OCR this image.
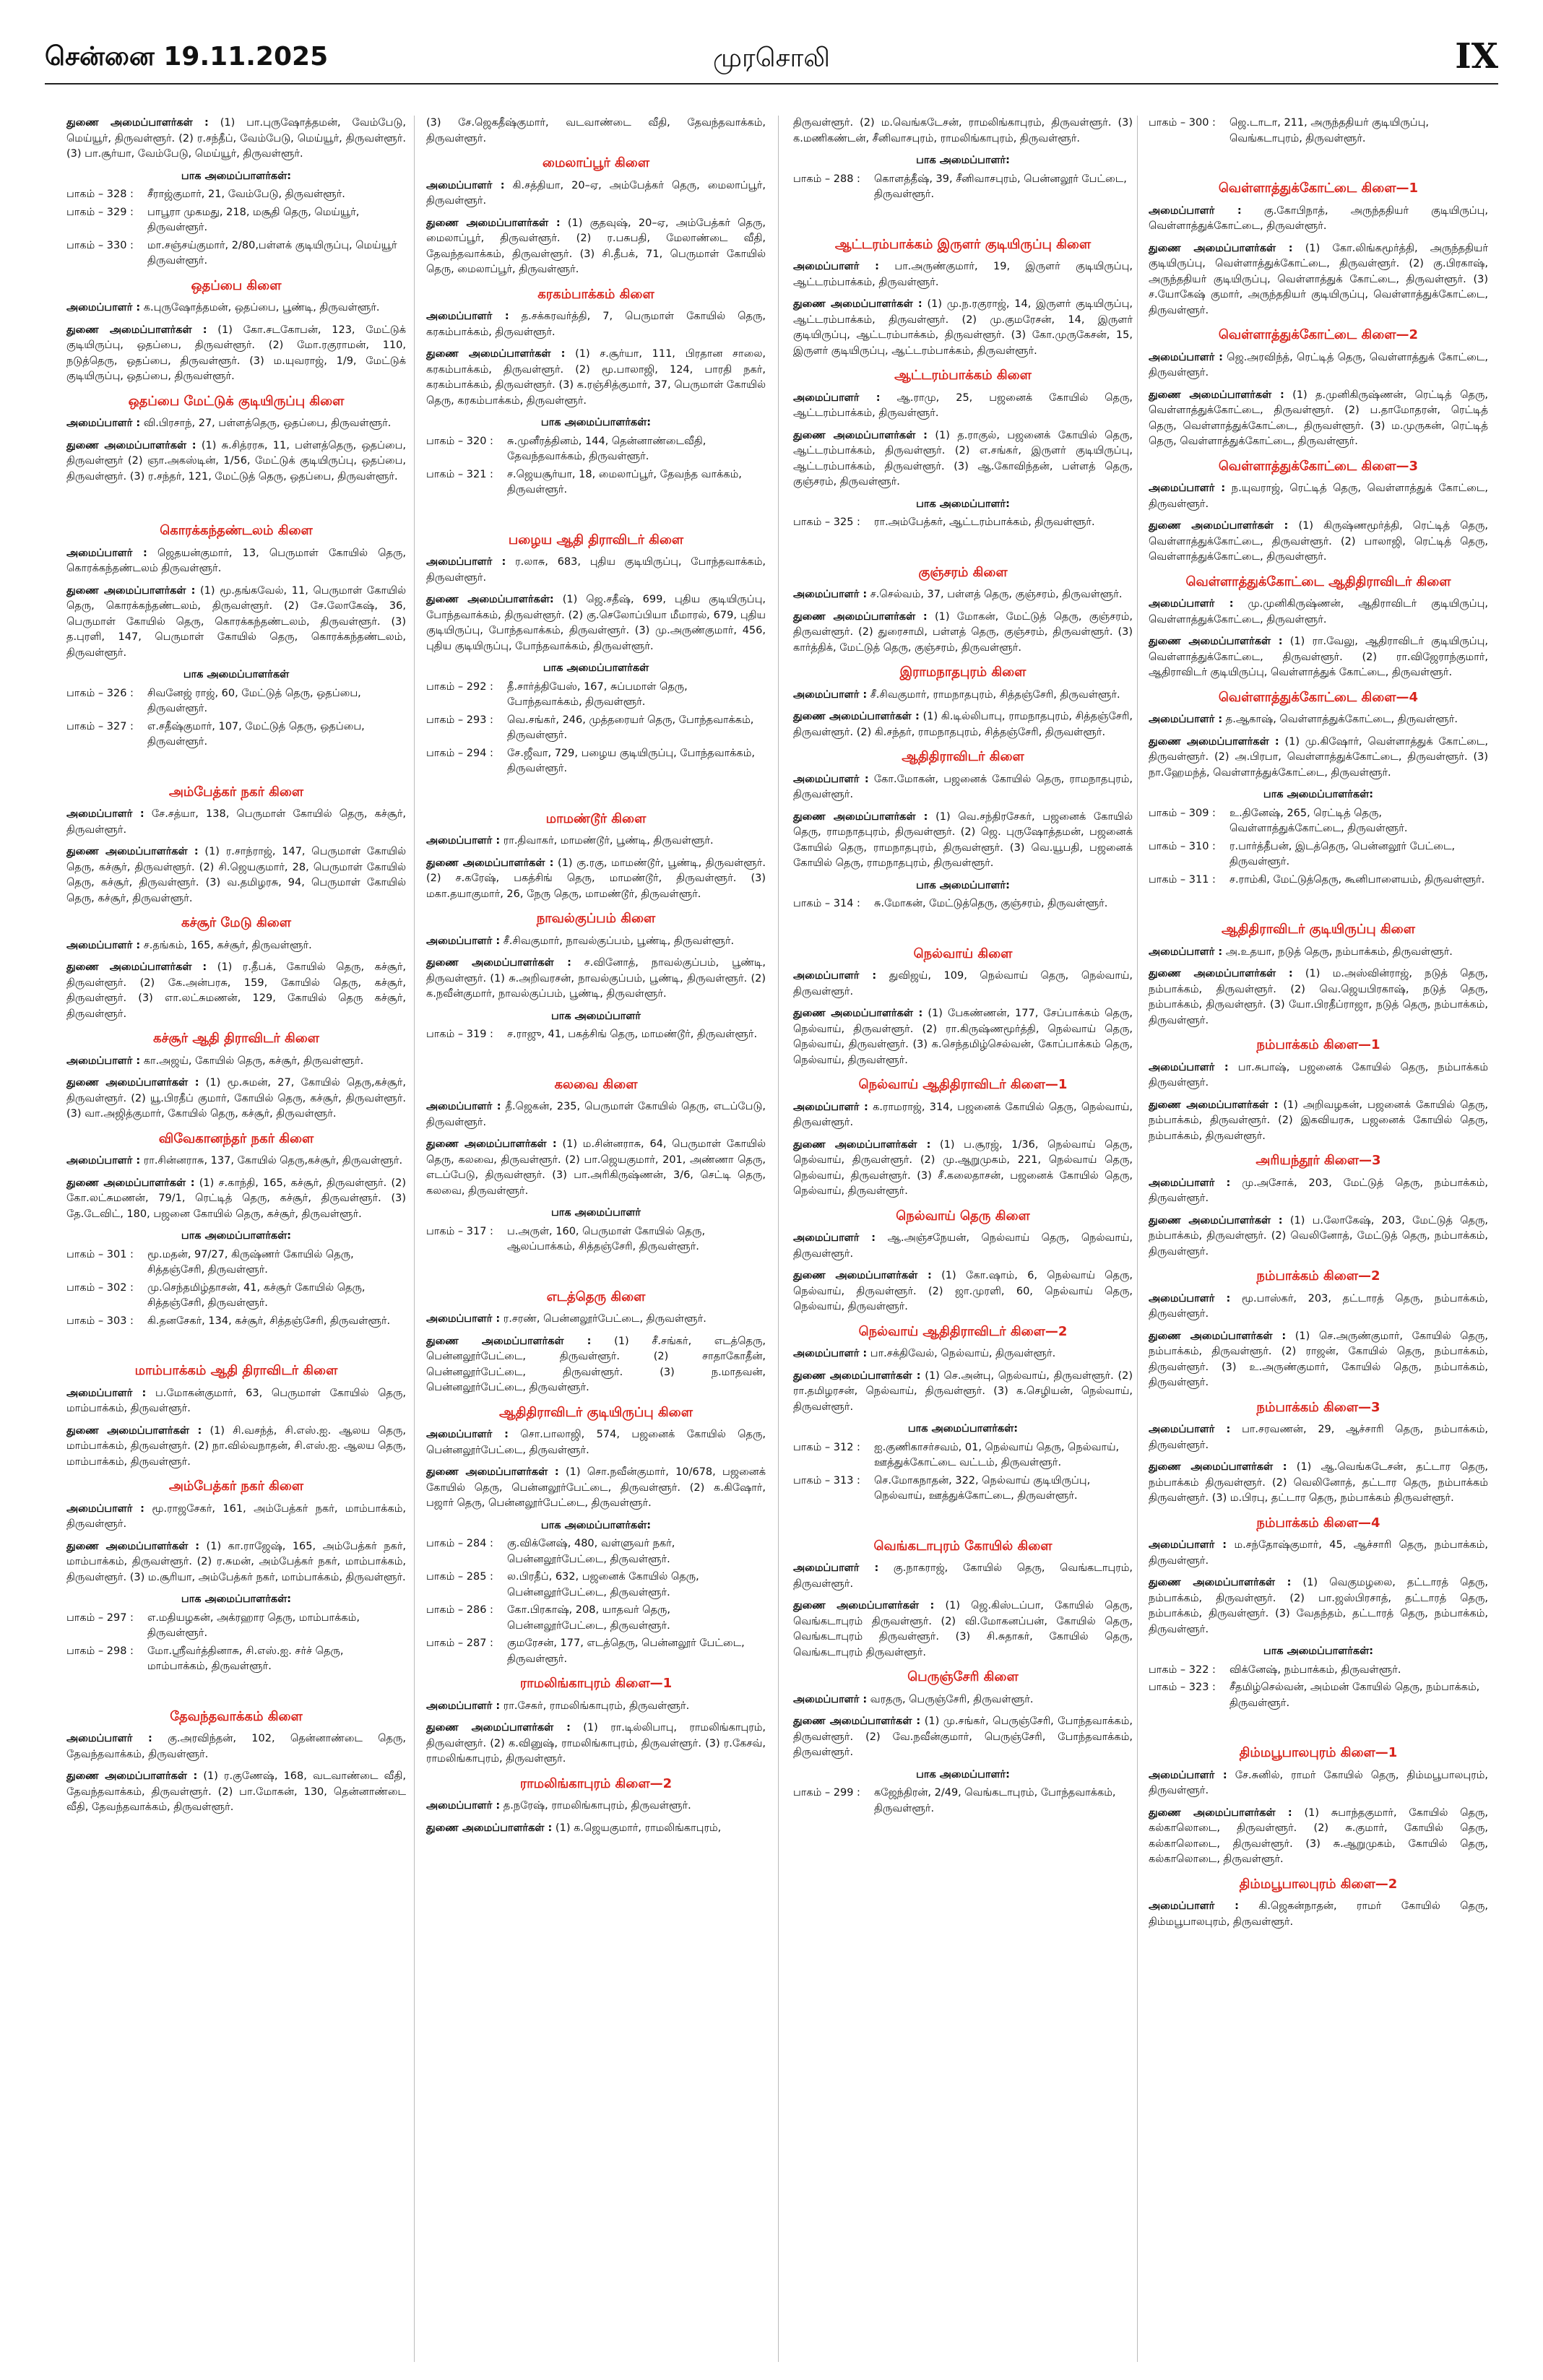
சென்னை 19.11.2025	முரசொலி	IX

துணை அமைப்பாளர்கள் : (1) பா.புருஷோத்தமன், வேம்பேடு, மெய்யூர், திருவள்ளூர். (2) ர.சந்தீப், வேம்பேடு, மெய்யூர், திருவள்ளூர். (3) பா.சூர்யா, வேம்பேடு, மெய்யூர், திருவள்ளூர்.

பாக அமைப்பாளர்கள்:
பாகம் – 328 :	சீராஜ்குமார், 21, வேம்பேடு, திருவள்ளூர்.
பாகம் – 329 :	பாபூரா முகமது, 218, மசூதி தெரு, மெய்யூர், திருவள்ளூர்.
பாகம் – 330 :	மா.சஞ்சய்குமார், 2/80,பள்ளக் குடியிருப்பு, மெய்யூர் திருவள்ளூர்.
ஒதப்பை கிளை

அமைப்பாளர் : க.புருஷோத்தமன், ஒதப்பை, பூண்டி, திருவள்ளூர்.

துணை அமைப்பாளர்கள் : (1) கோ.சடகோபன், 123, மேட்டுக் குடியிருப்பு, ஒதப்பை, திருவள்ளூர். (2) மோ.ரகுராமன், 110, நடுத்தெரு, ஒதப்பை, திருவள்ளூர். (3) ம.யுவராஜ், 1/9, மேட்டுக் குடியிருப்பு, ஒதப்பை, திருவள்ளூர்.

ஒதப்பை மேட்டுக் குடியிருப்பு கிளை

அமைப்பாளர் : வி.பிரசாந், 27, பள்ளத்தெரு, ஒதப்பை, திருவள்ளூர்.

துணை அமைப்பாளர்கள் : (1) சு.சித்ரரசு, 11, பள்ளத்தெரு, ஒதப்பை, திருவள்ளூர் (2) ஞா.அகஸ்டின், 1/56, மேட்டுக் குடியிருப்பு, ஒதப்பை, திருவள்ளூர். (3) ர.சந்தர், 121, மேட்டுத் தெரு, ஒதப்பை, திருவள்ளூர்.

கொரக்கந்தண்டலம் கிளை

அமைப்பாளர் : ஜெதயன்குமார், 13, பெருமாள் கோயில் தெரு, கொரக்கந்தண்டலம் திருவள்ளூர்.

துணை அமைப்பாளர்கள் : (1) மூ.தங்கவேல், 11, பெருமாள் கோயில் தெரு, கொரக்கந்தண்டலம், திருவள்ளூர். (2) சே.லோகேஷ், 36, பெருமாள் கோயில் தெரு, கொரக்கந்தண்டலம், திருவள்ளூர். (3) த.புரளி, 147, பெருமாள் கோயில் தெரு, கொரக்கந்தண்டலம், திருவள்ளூர்.

பாக அமைப்பாளர்கள்
பாகம் – 326 :	சிவனேஜ் ராஜ், 60, மேட்டுத் தெரு, ஒதப்பை, திருவள்ளூர்.
பாகம் – 327 :	எ.சதீஷ்குமார், 107, மேட்டுத் தெரு, ஒதப்பை, திருவள்ளூர்.
அம்பேத்கர் நகர் கிளை

அமைப்பாளர் : சே.சத்யா, 138, பெருமாள் கோயில் தெரு, கச்சூர், திருவள்ளூர்.

துணை அமைப்பாளர்கள் : (1) ர.சாந்ராஜ், 147, பெருமாள் கோயில் தெரு, கச்சூர், திருவள்ளூர். (2) சி.ஜெயகுமார், 28, பெருமாள் கோயில் தெரு, கச்சூர், திருவள்ளூர். (3) வ.தமிழரசு, 94, பெருமாள் கோயில் தெரு, கச்சூர், திருவள்ளூர்.

கச்சூர் மேடு கிளை

அமைப்பாளர் : ச.தங்கம், 165, கச்சூர், திருவள்ளூர்.

துணை அமைப்பாளர்கள் : (1) ர.தீபக், கோயில் தெரு, கச்சூர், திருவள்ளூர். (2) கே.அன்பரசு, 159, கோயில் தெரு, கச்சூர், திருவள்ளூர். (3) எா.லட்சுமணன், 129, கோயில் தெரு கச்சூர், திருவள்ளூர்.

கச்சூர் ஆதி திராவிடர் கிளை

அமைப்பாளர் : கா.அஜய், கோயில் தெரு, கச்சூர், திருவள்ளூர்.

துணை அமைப்பாளர்கள் : (1) மூ.சுமன், 27, கோயில் தெரு,கச்சூர், திருவள்ளூர். (2) யூ.பிரதீப் குமார், கோயில் தெரு, கச்சூர், திருவள்ளூர். (3) வா.அஜித்குமார், கோயில் தெரு, கச்சூர், திருவள்ளூர்.

விவேகானந்தர் நகர் கிளை

அமைப்பாளர் : ரா.சின்னராசு, 137, கோயில் தெரு,கச்சூர், திருவள்ளூர்.

துணை அமைப்பாளர்கள் : (1) ச.காந்தி, 165, கச்சூர், திருவள்ளூர். (2) கோ.லட்சுமணன், 79/1, ரெட்டித் தெரு, கச்சூர், திருவள்ளூர். (3) தே.டேவிட், 180, பஜனை கோயில் தெரு, கச்சூர், திருவள்ளூர்.

பாக அமைப்பாளர்கள்:
பாகம் – 301 :	மூ.மதன், 97/27, கிருஷ்ணர் கோயில் தெரு, சித்தஞ்சேரி, திருவள்ளூர்.
பாகம் – 302 :	மு.செந்தமிழ்தாசன், 41, கச்சூர் கோயில் தெரு, சித்தஞ்சேரி, திருவள்ளூர்.
பாகம் – 303 :	கி.தனசேகர், 134, கச்சூர், சித்தஞ்சேரி, திருவள்ளூர்.
மாம்பாக்கம் ஆதி திராவிடர் கிளை

அமைப்பாளர் : ப.மோகன்குமார், 63, பெருமாள் கோயில் தெரு, மாம்பாக்கம், திருவள்ளூர்.

துணை அமைப்பாளர்கள் : (1) சி.வசந்த், சி.எஸ்.ஐ. ஆலய தெரு, மாம்பாக்கம், திருவள்ளூர். (2) நா.வில்வநாதன், சி.எஸ்.ஐ. ஆலய தெரு, மாம்பாக்கம், திருவள்ளூர்.

அம்பேத்கர் நகர் கிளை

அமைப்பாளர் : மூ.ராஜசேகர், 161, அம்பேத்கர் நகர், மாம்பாக்கம், திருவள்ளூர்.

துணை அமைப்பாளர்கள் : (1) கா.ராஜேஷ், 165, அம்பேத்கர் நகர், மாம்பாக்கம், திருவள்ளூர். (2) ர.சுமன், அம்பேத்கர் நகர், மாம்பாக்கம், திருவள்ளூர். (3) ம.சூரியா, அம்பேத்கர் நகர், மாம்பாக்கம், திருவள்ளூர்.

பாக அமைப்பாளர்கள்:
பாகம் – 297 :	எ.மதியழகன், அக்ரஹார தெரு, மாம்பாக்கம், திருவள்ளூர்.
பாகம் – 298 :	மோ.ஸ்ரீவர்த்தினாசு, சி.எஸ்.ஐ. சர்ச் தெரு, மாம்பாக்கம், திருவள்ளூர்.
தேவந்தவாக்கம் கிளை

அமைப்பாளர் : கு.அரவிந்தன், 102, தென்னாண்டை தெரு, தேவந்தவாக்கம், திருவள்ளூர்.

துணை அமைப்பாளர்கள் : (1) ர.குணேஷ், 168, வடவாண்டை வீதி, தேவந்தவாக்கம், திருவள்ளூர். (2) பா.மோகன், 130, தென்னாண்டை வீதி, தேவந்தவாக்கம், திருவள்ளூர்.

(3) சே.ஜெகதீஷ்குமார், வடவாண்டை வீதி, தேவந்தவாக்கம், திருவள்ளூர்.

மைலாப்பூர் கிளை

அமைப்பாளர் : கி.சத்தியா, 20–ஏ, அம்பேத்கர் தெரு, மைலாப்பூர், திருவள்ளூர்.

துணை அமைப்பாளர்கள் : (1) குதவுஷ், 20–ஏ, அம்பேத்கர் தெரு, மைலாப்பூர், திருவள்ளூர். (2) ர.பசுபதி, மேலாண்டை வீதி, தேவந்தவாக்கம், திருவள்ளூர். (3) சி.தீபக், 71, பெருமாள் கோயில் தெரு, மைலாப்பூர், திருவள்ளூர்.

கரகம்பாக்கம் கிளை

அமைப்பாளர் : த.சக்கரவர்த்தி, 7, பெருமாள் கோயில் தெரு, கரகம்பாக்கம், திருவள்ளூர்.

துணை அமைப்பாளர்கள் : (1) ச.சூர்யா, 111, பிரதான சாலை, கரகம்பாக்கம், திருவள்ளூர். (2) மூ.பாலாஜி, 124, பாரதி நகர், கரகம்பாக்கம், திருவள்ளூர். (3) க.ரஞ்சித்குமார், 37, பெருமாள் கோயில் தெரு, கரகம்பாக்கம், திருவள்ளூர்.

பாக அமைப்பாளர்கள்:
பாகம் – 320 :	சு.முனீரத்தினம், 144, தென்னாண்டைவீதி, தேவந்தவாக்கம், திருவள்ளூர்.
பாகம் – 321 :	ச.ஜெயசூர்யா, 18, மைலாப்பூர், தேவந்த வாக்கம், திருவள்ளூர்.
பழைய ஆதி திராவிடர் கிளை

அமைப்பாளர் : ர.லாசு, 683, புதிய குடியிருப்பு, போந்தவாக்கம், திருவள்ளூர்.

துணை அமைப்பாளர்கள்: (1) ஜெ.சதீஷ், 699, புதிய குடியிருப்பு, போந்தவாக்கம், திருவள்ளூர். (2) கு.செலோப்பியா மீமாரல், 679, புதிய குடியிருப்பு, போந்தவாக்கம், திருவள்ளூர். (3) மு.அருண்குமார், 456, புதிய குடியிருப்பு, போந்தவாக்கம், திருவள்ளூர்.

பாக அமைப்பாளர்கள்
பாகம் – 292 :	தீ.சார்த்தியேஸ், 167, சுப்பமாள் தெரு, போந்தவாக்கம், திருவள்ளூர்.
பாகம் – 293 :	வெ.சங்கர், 246, முத்தரையர் தெரு, போந்தவாக்கம், திருவள்ளூர்.
பாகம் – 294 :	சே.ஜீவா, 729, பழைய குடியிருப்பு, போந்தவாக்கம், திருவள்ளூர்.
மாமண்டூர் கிளை

அமைப்பாளர் : ரா.திவாகர், மாமண்டூர், பூண்டி, திருவள்ளூர்.

துணை அமைப்பாளர்கள் : (1) கு.ரகு, மாமண்டூர், பூண்டி, திருவள்ளூர். (2) ச.கரேஷ், பகத்சிங் தெரு, மாமண்டூர், திருவள்ளூர். (3) மகா.தயாகுமார், 26, நேரு தெரு, மாமண்டூர், திருவள்ளூர்.

நாவல்குப்பம் கிளை

அமைப்பாளர் : சீ.சிவகுமார், நாவல்குப்பம், பூண்டி, திருவள்ளூர்.

துணை அமைப்பாளர்கள் : ச.வினோத், நாவல்குப்பம், பூண்டி, திருவள்ளூர். (1) சு.அறிவரசன், நாவல்குப்பம், பூண்டி, திருவள்ளூர். (2) க.நவீன்குமார், நாவல்குப்பம், பூண்டி, திருவள்ளூர்.

பாக அமைப்பாளர்
பாகம் – 319 :	ச.ராஜு, 41, பகத்சிங் தெரு, மாமண்டூர், திருவள்ளூர்.
கலவை கிளை

அமைப்பாளர் : தீ.ஜெகன், 235, பெருமாள் கோயில் தெரு, எடப்பேடு, திருவள்ளூர்.

துணை அமைப்பாளர்கள் : (1) ம.சின்னராசு, 64, பெருமாள் கோயில் தெரு, கலவை, திருவள்ளூர். (2) பா.ஜெயகுமார், 201, அண்ணா தெரு, எடப்பேடு, திருவள்ளூர். (3) பா.அரிகிருஷ்ணன், 3/6, செட்டி தெரு, கலவை, திருவள்ளூர்.

பாக அமைப்பாளர்
பாகம் – 317 :	ப.அருள், 160, பெருமாள் கோயில் தெரு, ஆலப்பாக்கம், சித்தஞ்சேரி, திருவள்ளூர்.
எடத்தெரு கிளை

அமைப்பாளர் : ர.சரண், பென்னலூர்பேட்டை, திருவள்ளூர்.

துணை அமைப்பாளர்கள் : (1) சீ.சங்கர், எடத்தெரு, பென்னலூர்பேட்டை, திருவள்ளூர். (2) சாதாகோதீன், பென்னலூர்பேட்டை, திருவள்ளூர். (3) ந.மாதவன், பென்னலூர்பேட்டை, திருவள்ளூர்.

ஆதிதிராவிடர் குடியிருப்பு கிளை

அமைப்பாளர் : சொ.பாலாஜி, 574, பஜனைக் கோயில் தெரு, பென்னலூர்பேட்டை, திருவள்ளூர்.

துணை அமைப்பாளர்கள் : (1) சொ.நவீன்குமார், 10/678, பஜனைக் கோயில் தெரு, பென்னலூர்பேட்டை, திருவள்ளூர். (2) க.கிஷோர், பஜார் தெரு, பென்னலூர்பேட்டை, திருவள்ளூர்.

பாக அமைப்பாளர்கள்:
பாகம் – 284 :	கு.விக்னேஷ், 480, வள்ளுவர் நகர், பென்னலூர்பேட்டை, திருவள்ளூர்.
பாகம் – 285 :	ல.பிரதீப், 632, பஜனைக் கோயில் தெரு, பென்னலூர்பேட்டை, திருவள்ளூர்.
பாகம் – 286 :	கோ.பிரகாஷ், 208, யாதவர் தெரு, பென்னலூர்பேட்டை, திருவள்ளூர்.
பாகம் – 287 :	குமரேசன், 177, எடத்தெரு, பென்னலூர் பேட்டை, திருவள்ளூர்.
ராமலிங்காபுரம் கிளை—1

அமைப்பாளர் : ரா.சேகர், ராமலிங்காபுரம், திருவள்ளூர்.

துணை அமைப்பாளர்கள் : (1) ரா.டில்லிபாபு, ராமலிங்காபுரம், திருவள்ளூர். (2) க.வினுஷ், ராமலிங்காபுரம், திருவள்ளூர். (3) ர.கேசவ், ராமலிங்காபுரம், திருவள்ளூர்.

ராமலிங்காபுரம் கிளை—2

அமைப்பாளர் : த.நரேஷ், ராமலிங்காபுரம், திருவள்ளூர்.

துணை அமைப்பாளர்கள் : (1) க.ஜெயகுமார், ராமலிங்காபுரம்,

திருவள்ளூர். (2) ம.வெங்கடேசன், ராமலிங்காபுரம், திருவள்ளூர். (3) க.மணிகண்டன், சீனிவாசபுரம், ராமலிங்காபுரம், திருவள்ளூர்.

பாக அமைப்பாளர்:
பாகம் – 288 :	கொளத்தீஷ், 39, சீனிவாசபுரம், பென்னலூர் பேட்டை, திருவள்ளூர்.
ஆட்டரம்பாக்கம் இருளர் குடியிருப்பு கிளை

அமைப்பாளர் : பா.அருண்குமார், 19, இருளர் குடியிருப்பு, ஆட்டரம்பாக்கம், திருவள்ளூர்.

துணை அமைப்பாளர்கள் : (1) மு.ந.ரகுராஜ், 14, இருளர் குடியிருப்பு, ஆட்டரம்பாக்கம், திருவள்ளூர். (2) மு.குமரேசன், 14, இருளர் குடியிருப்பு, ஆட்டரம்பாக்கம், திருவள்ளூர். (3) கோ.முருகேசன், 15, இருளர் குடியிருப்பு, ஆட்டரம்பாக்கம், திருவள்ளூர்.

ஆட்டரம்பாக்கம் கிளை

அமைப்பாளர் : ஆ.ராமு, 25, பஜனைக் கோயில் தெரு, ஆட்டரம்பாக்கம், திருவள்ளூர்.

துணை அமைப்பாளர்கள் : (1) த.ராகுல், பஜனைக் கோயில் தெரு, ஆட்டரம்பாக்கம், திருவள்ளூர். (2) எ.சங்கர், இருளர் குடியிருப்பு, ஆட்டரம்பாக்கம், திருவள்ளூர். (3) ஆ.கோவிந்தன், பள்ளத் தெரு, குஞ்சரம், திருவள்ளூர்.

பாக அமைப்பாளர்:
பாகம் – 325 :	ரா.அம்பேத்கர், ஆட்டரம்பாக்கம், திருவள்ளூர்.
குஞ்சரம் கிளை

அமைப்பாளர் : ச.செல்வம், 37, பள்ளத் தெரு, குஞ்சரம், திருவள்ளூர்.

துணை அமைப்பாளர்கள் : (1) மோகன், மேட்டுத் தெரு, குஞ்சரம், திருவள்ளூர். (2) துரைசாமி, பள்ளத் தெரு, குஞ்சரம், திருவள்ளூர். (3) கார்த்திக், மேட்டுத் தெரு, குஞ்சரம், திருவள்ளூர்.

இராமநாதபுரம் கிளை

அமைப்பாளர் : சீ.சிவகுமார், ராமநாதபுரம், சித்தஞ்சேரி, திருவள்ளூர்.

துணை அமைப்பாளர்கள் : (1) கி.டில்லிபாபு, ராமநாதபுரம், சித்தஞ்சேரி, திருவள்ளூர். (2) கி.சந்தர், ராமநாதபுரம், சித்தஞ்சேரி, திருவள்ளூர்.

ஆதிதிராவிடர் கிளை

அமைப்பாளர் : கோ.மோகன், பஜனைக் கோயில் தெரு, ராமநாதபுரம், திருவள்ளூர்.

துணை அமைப்பாளர்கள் : (1) வெ.சந்திரசேகர், பஜனைக் கோயில் தெரு, ராமநாதபுரம், திருவள்ளூர். (2) ஜெ. புருஷோத்தமன், பஜனைக் கோயில் தெரு, ராமநாதபுரம், திருவள்ளூர். (3) வெ.யூபதி, பஜனைக் கோயில் தெரு, ராமநாதபுரம், திருவள்ளூர்.

பாக அமைப்பாளர்:
பாகம் – 314 :	சு.மோகன், மேட்டுத்தெரு, குஞ்சரம், திருவள்ளூர்.
நெல்வாய் கிளை

அமைப்பாளர் : துவிஜய், 109, நெல்வாய் தெரு, நெல்வாய், திருவள்ளூர்.

துணை அமைப்பாளர்கள் : (1) பேகண்ணன், 177, சேப்பாக்கம் தெரு, நெல்வாய், திருவள்ளூர். (2) ரா.கிருஷ்ணமூர்த்தி, நெல்வாய் தெரு, நெல்வாய், திருவள்ளூர். (3) க.செந்தமிழ்செல்வன், கோப்பாக்கம் தெரு, நெல்வாய், திருவள்ளூர்.

நெல்வாய் ஆதிதிராவிடர் கிளை—1

அமைப்பாளர் : க.ராமராஜ், 314, பஜனைக் கோயில் தெரு, நெல்வாய், திருவள்ளூர்.

துணை அமைப்பாளர்கள் : (1) ப.சூரஜ், 1/36, நெல்வாய் தெரு, நெல்வாய், திருவள்ளூர். (2) மு.ஆறுமுகம், 221, நெல்வாய் தெரு, நெல்வாய், திருவள்ளூர். (3) சீ.கலைதாசன், பஜனைக் கோயில் தெரு, நெல்வாய், திருவள்ளூர்.

நெல்வாய் தெரு கிளை

அமைப்பாளர் : ஆ.அஞ்சநேயன், நெல்வாய் தெரு, நெல்வாய், திருவள்ளூர்.

துணை அமைப்பாளர்கள் : (1) கோ.ஷாம், 6, நெல்வாய் தெரு, நெல்வாய், திருவள்ளூர். (2) ஜா.முரளி, 60, நெல்வாய் தெரு, நெல்வாய், திருவள்ளூர்.

நெல்வாய் ஆதிதிராவிடர் கிளை—2

அமைப்பாளர் : பா.சக்திவேல், நெல்வாய், திருவள்ளூர்.

துணை அமைப்பாளர்கள் : (1) செ.அன்பு, நெல்வாய், திருவள்ளூர். (2) ரா.தமிழரசன், நெல்வாய், திருவள்ளூர். (3) க.செழியன், நெல்வாய், திருவள்ளூர்.

பாக அமைப்பாளர்கள்:
பாகம் – 312 :	ஐ.குணிகாசர்சவம், 01, நெல்வாய் தெரு, நெல்வாய், ஊத்துக்கோட்டை வட்டம், திருவள்ளூர்.
பாகம் – 313 :	செ.மோகநாதன், 322, நெல்வாய் குடியிருப்பு, நெல்வாய், ஊத்துக்கோட்டை, திருவள்ளூர்.
வெங்கடாபுரம் கோயில் கிளை

அமைப்பாளர் : கு.நாகராஜ், கோயில் தெரு, வெங்கடாபுரம், திருவள்ளூர்.

துணை அமைப்பாளர்கள் : (1) ஜெ.கிஸ்டப்பா, கோயில் தெரு, வெங்கடாபுரம் திருவள்ளூர். (2) வி.மோகனப்பன், கோயில் தெரு, வெங்கடாபுரம் திருவள்ளூர். (3) சி.சுதாகர், கோயில் தெரு, வெங்கடாபுரம் திருவள்ளூர்.

பெருஞ்சேரி கிளை

அமைப்பாளர் : வரதரு, பெருஞ்சேரி, திருவள்ளூர்.

துணை அமைப்பாளர்கள் : (1) மு.சங்கர், பெருஞ்சேரி, போந்தவாக்கம், திருவள்ளூர். (2) வே.நவீன்குமார், பெருஞ்சேரி, போந்தவாக்கம், திருவள்ளூர்.

பாக அமைப்பாளர்:
பாகம் – 299 :	கஜேந்திரன், 2/49, வெங்கடாபுரம், போந்தவாக்கம், திருவள்ளூர்.
பாகம் – 300 :	ஜெ.டாடா, 211, அருந்ததியர் குடியிருப்பு, வெங்கடாபுரம், திருவள்ளூர்.
வெள்ளாத்துக்கோட்டை கிளை—1

அமைப்பாளர் : கு.கோபிநாத், அருந்ததியர் குடியிருப்பு, வெள்ளாத்துக்கோட்டை, திருவள்ளூர்.

துணை அமைப்பாளர்கள் : (1) கோ.லிங்கமூர்த்தி, அருந்ததியர் குடியிருப்பு, வெள்ளாத்துக்கோட்டை, திருவள்ளூர். (2) கு.பிரகாஷ், அருந்ததியர் குடியிருப்பு, வெள்ளாத்துக் கோட்டை, திருவள்ளூர். (3) ச.யோகேஷ் குமார், அருந்ததியர் குடியிருப்பு, வெள்ளாத்துக்கோட்டை, திருவள்ளூர்.

வெள்ளாத்துக்கோட்டை கிளை—2

அமைப்பாளர் : ஜெ.அரவிந்த், ரெட்டித் தெரு, வெள்ளாத்துக் கோட்டை, திருவள்ளூர்.

துணை அமைப்பாளர்கள் : (1) த.முனிகிருஷ்ணன், ரெட்டித் தெரு, வெள்ளாத்துக்கோட்டை, திருவள்ளூர். (2) ப.தாமோதரன், ரெட்டித் தெரு, வெள்ளாத்துக்கோட்டை, திருவள்ளூர். (3) ம.முருகன், ரெட்டித் தெரு, வெள்ளாத்துக்கோட்டை, திருவள்ளூர்.

வெள்ளாத்துக்கோட்டை கிளை—3

அமைப்பாளர் : ந.யுவராஜ், ரெட்டித் தெரு, வெள்ளாத்துக் கோட்டை, திருவள்ளூர்.

துணை அமைப்பாளர்கள் : (1) கிருஷ்ணமூர்த்தி, ரெட்டித் தெரு, வெள்ளாத்துக்கோட்டை, திருவள்ளூர். (2) பாலாஜி, ரெட்டித் தெரு, வெள்ளாத்துக்கோட்டை, திருவள்ளூர்.

வெள்ளாத்துக்கோட்டை ஆதிதிராவிடர் கிளை

அமைப்பாளர் : மு.முனிகிருஷ்ணன், ஆதிராவிடர் குடியிருப்பு, வெள்ளாத்துக்கோட்டை, திருவள்ளூர்.

துணை அமைப்பாளர்கள் : (1) ரா.வேலு, ஆதிராவிடர் குடியிருப்பு, வெள்ளாத்துக்கோட்டை, திருவள்ளூர். (2) ரா.விஜேராந்குமார், ஆதிராவிடர் குடியிருப்பு, வெள்ளாத்துக் கோட்டை, திருவள்ளூர்.

வெள்ளாத்துக்கோட்டை கிளை—4

அமைப்பாளர் : த.ஆகாஷ், வெள்ளாத்துக்கோட்டை, திருவள்ளூர்.

துணை அமைப்பாளர்கள் : (1) மு.கிஷோர், வெள்ளாத்துக் கோட்டை, திருவள்ளூர். (2) அ.பிரபா, வெள்ளாத்துக்கோட்டை, திருவள்ளூர். (3) நா.ஹேமந்த், வெள்ளாத்துக்கோட்டை, திருவள்ளூர்.

பாக அமைப்பாளர்கள்:
பாகம் – 309 :	உ.தினேஷ், 265, ரெட்டித் தெரு, வெள்ளாத்துக்கோட்டை, திருவள்ளூர்.
பாகம் – 310 :	ர.பார்த்தீபன், இடத்தெரு, பென்னலூர் பேட்டை, திருவள்ளூர்.
பாகம் – 311 :	ச.ராம்கி, மேட்டுத்தெரு, கூனிபாளையம், திருவள்ளூர்.
ஆதிதிராவிடர் குடியிருப்பு கிளை

அமைப்பாளர் : அ.உதயா, நடுத் தெரு, நம்பாக்கம், திருவள்ளூர்.

துணை அமைப்பாளர்கள் : (1) ம.அஸ்வின்ராஜ், நடுத் தெரு, நம்பாக்கம், திருவள்ளூர். (2) வெ.ஜெயபிரகாஷ், நடுத் தெரு, நம்பாக்கம், திருவள்ளூர். (3) யோ.பிரதீப்ராஜா, நடுத் தெரு, நம்பாக்கம், திருவள்ளூர்.

நம்பாக்கம் கிளை—1

அமைப்பாளர் : பா.சுபாஷ், பஜனைக் கோயில் தெரு, நம்பாக்கம் திருவள்ளூர்.

துணை அமைப்பாளர்கள் : (1) அறிவழகன், பஜனைக் கோயில் தெரு, நம்பாக்கம், திருவள்ளூர். (2) இகவியரசு, பஜனைக் கோயில் தெரு, நம்பாக்கம், திருவள்ளூர்.

அரியந்தூர் கிளை—3

அமைப்பாளர் : மு.அசோக், 203, மேட்டுத் தெரு, நம்பாக்கம், திருவள்ளூர்.

துணை அமைப்பாளர்கள் : (1) ப.லோகேஷ், 203, மேட்டுத் தெரு, நம்பாக்கம், திருவள்ளூர். (2) வெலினோத், மேட்டுத் தெரு, நம்பாக்கம், திருவள்ளூர்.

நம்பாக்கம் கிளை—2

அமைப்பாளர் : மூ.பாஸ்கர், 203, தட்டாரத் தெரு, நம்பாக்கம், திருவள்ளூர்.

துணை அமைப்பாளர்கள் : (1) செ.அருண்குமார், கோயில் தெரு, நம்பாக்கம், திருவள்ளூர். (2) ராஜன், கோயில் தெரு, நம்பாக்கம், திருவள்ளூர். (3) உ.அருண்குமார், கோயில் தெரு, நம்பாக்கம், திருவள்ளூர்.

நம்பாக்கம் கிளை—3

அமைப்பாளர் : பா.சரவணன், 29, ஆச்சாரி தெரு, நம்பாக்கம், திருவள்ளூர்.

துணை அமைப்பாளர்கள் : (1) ஆ.வெங்கடேசன், தட்டார தெரு, நம்பாக்கம் திருவள்ளூர். (2) வெலினோத், தட்டார தெரு, நம்பாக்கம் திருவள்ளூர். (3) ம.பிரபு, தட்டார தெரு, நம்பாக்கம் திருவள்ளூர்.

நம்பாக்கம் கிளை—4

அமைப்பாளர் : ம.சந்தோஷ்குமார், 45, ஆச்சாரி தெரு, நம்பாக்கம், திருவள்ளூர்.

துணை அமைப்பாளர்கள் : (1) வெகுமழலை, தட்டாரத் தெரு, நம்பாக்கம், திருவள்ளூர். (2) பா.ஜஸ்பிரசாத், தட்டாரத் தெரு, நம்பாக்கம், திருவள்ளூர். (3) வேதந்தம், தட்டாரத் தெரு, நம்பாக்கம், திருவள்ளூர்.

பாக அமைப்பாளர்கள்:
பாகம் – 322 :	விக்னேஷ், நம்பாக்கம், திருவள்ளூர்.
பாகம் – 323 :	சீதமிழ்செல்வன், அம்மன் கோயில் தெரு, நம்பாக்கம், திருவள்ளூர்.
திம்மபூபாலபுரம் கிளை—1

அமைப்பாளர் : சே.சுனில், ராமர் கோயில் தெரு, திம்மபூபாலபுரம், திருவள்ளூர்.

துணை அமைப்பாளர்கள் : (1) சுபாந்தகுமார், கோயில் தெரு, கல்காலொடை, திருவள்ளூர். (2) சு.குமார், கோயில் தெரு, கல்காலொடை, திருவள்ளூர். (3) சு.ஆறுமுகம், கோயில் தெரு, கல்காலொடை, திருவள்ளூர்.

திம்மபூபாலபுரம் கிளை—2

அமைப்பாளர் : கி.ஜெகன்நாதன், ராமர் கோயில் தெரு, திம்மபூபாலபுரம், திருவள்ளூர்.
